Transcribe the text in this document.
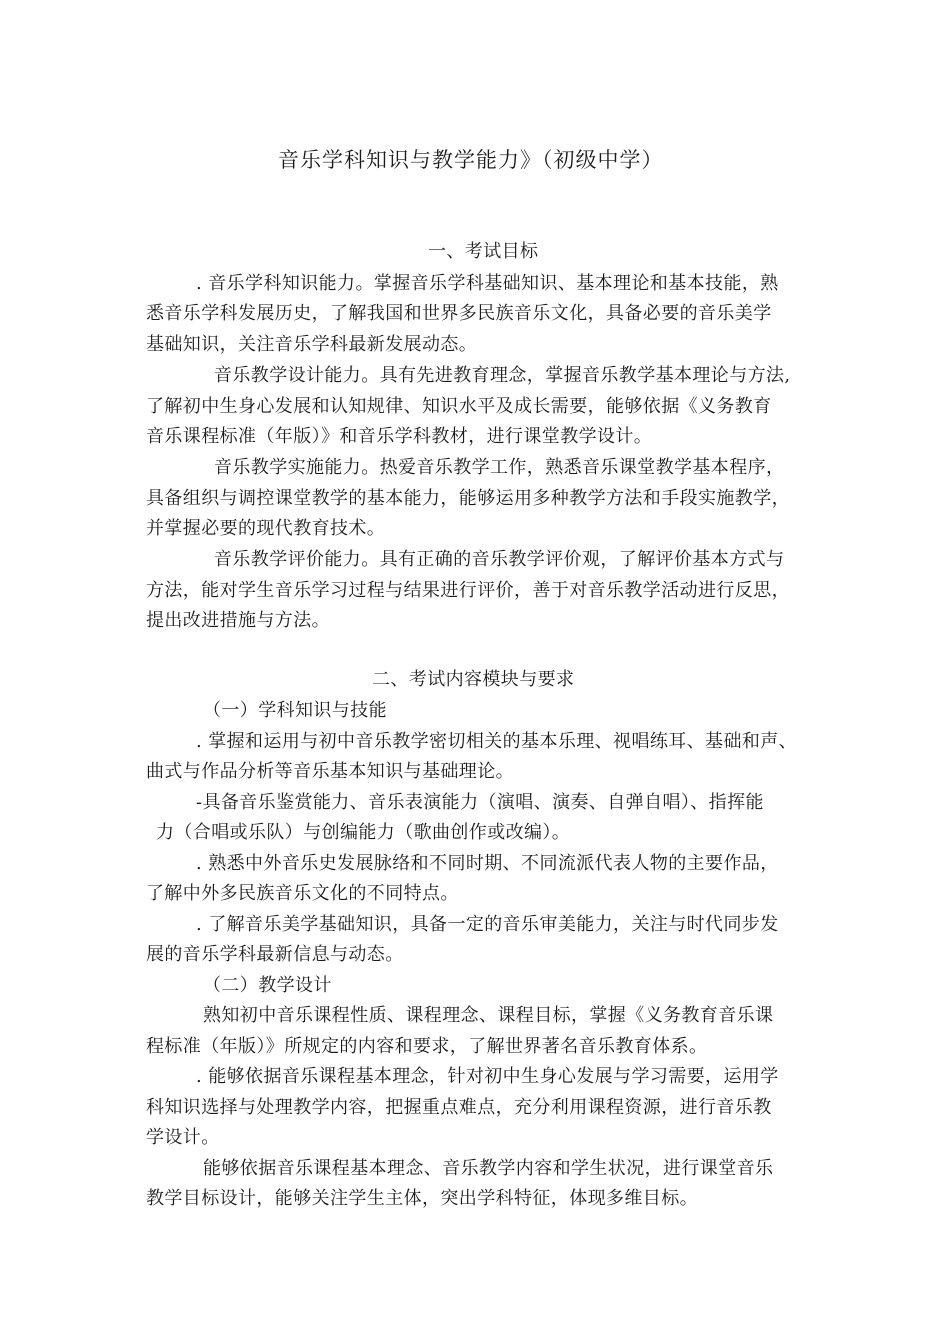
音乐学科知识与教学能力》（初级中学）
一、考试目标
. 音乐学科知识能力。掌握音乐学科基础知识、基本理论和基本技能，熟
悉音乐学科发展历史，了解我国和世界多民族音乐文化，具备必要的音乐美学
基础知识，关注音乐学科最新发展动态。
音乐教学设计能力。具有先进教育理念，掌握音乐教学基本理论与方法,
了解初中生身心发展和认知规律、知识水平及成长需要，能够依据《义务教育
音乐课程标准（年版）》和音乐学科教材，进行课堂教学设计。
音乐教学实施能力。热爱音乐教学工作，熟悉音乐课堂教学基本程序，
具备组织与调控课堂教学的基本能力，能够运用多种教学方法和手段实施教学，
并掌握必要的现代教育技术。
音乐教学评价能力。具有正确的音乐教学评价观，了解评价基本方式与
方法，能对学生音乐学习过程与结果进行评价，善于对音乐教学活动进行反思，
提出改进措施与方法。
二、考试内容模块与要求
（一）学科知识与技能
. 掌握和运用与初中音乐教学密切相关的基本乐理、视唱练耳、基础和声、
曲式与作品分析等音乐基本知识与基础理论。
-具备音乐鉴赏能力、音乐表演能力（演唱、演奏、自弹自唱）、指挥能
力（合唱或乐队）与创编能力（歌曲创作或改编）。
. 熟悉中外音乐史发展脉络和不同时期、不同流派代表人物的主要作品，
了解中外多民族音乐文化的不同特点。
. 了解音乐美学基础知识，具备一定的音乐审美能力，关注与时代同步发
展的音乐学科最新信息与动态。
（二）教学设计
熟知初中音乐课程性质、课程理念、课程目标，掌握《义务教育音乐课
程标准（年版）》所规定的内容和要求，了解世界著名音乐教育体系。
. 能够依据音乐课程基本理念，针对初中生身心发展与学习需要，运用学
科知识选择与处理教学内容，把握重点难点，充分利用课程资源，进行音乐教
学设计。
能够依据音乐课程基本理念、音乐教学内容和学生状况，进行课堂音乐
教学目标设计，能够关注学生主体，突出学科特征，体现多维目标。
